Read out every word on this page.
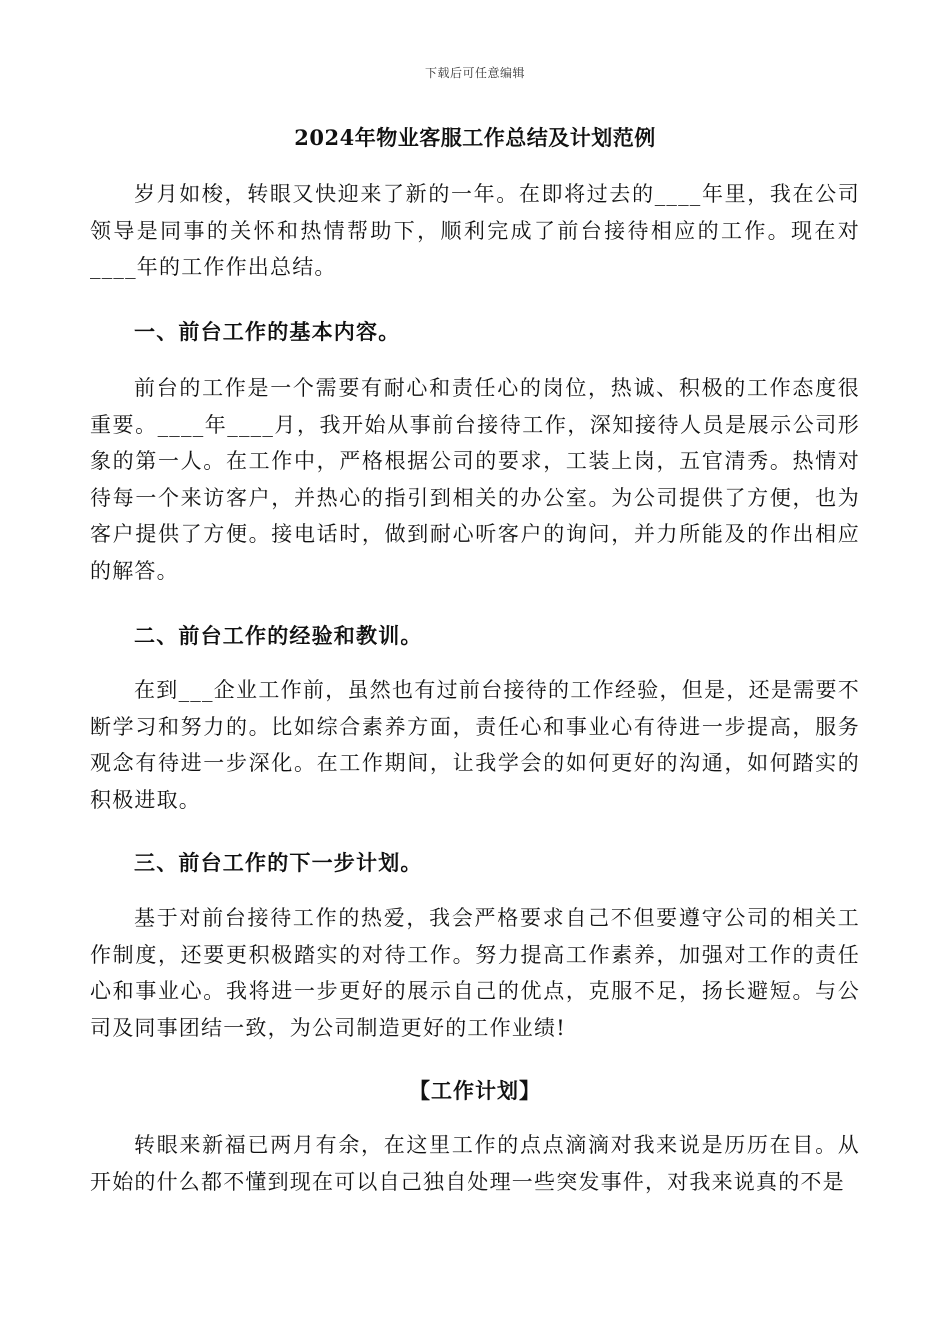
下载后可任意编辑
2024年物业客服工作总结及计划范例

岁月如梭，转眼又快迎来了新的一年。在即将过去的____年里，我在公司领导是同事的关怀和热情帮助下，顺利完成了前台接待相应的工作。现在对____年的工作作出总结。

一、前台工作的基本内容。

前台的工作是一个需要有耐心和责任心的岗位，热诚、积极的工作态度很重要。____年____月，我开始从事前台接待工作，深知接待人员是展示公司形象的第一人。在工作中，严格根据公司的要求，工装上岗，五官清秀。热情对待每一个来访客户，并热心的指引到相关的办公室。为公司提供了方便，也为客户提供了方便。接电话时，做到耐心听客户的询问，并力所能及的作出相应的解答。

二、前台工作的经验和教训。

在到___企业工作前，虽然也有过前台接待的工作经验，但是，还是需要不断学习和努力的。比如综合素养方面，责任心和事业心有待进一步提高，服务观念有待进一步深化。在工作期间，让我学会的如何更好的沟通，如何踏实的积极进取。

三、前台工作的下一步计划。

基于对前台接待工作的热爱，我会严格要求自己不但要遵守公司的相关工作制度，还要更积极踏实的对待工作。努力提高工作素养，加强对工作的责任心和事业心。我将进一步更好的展示自己的优点，克服不足，扬长避短。与公司及同事团结一致，为公司制造更好的工作业绩!

【工作计划】

转眼来新福已两月有余，在这里工作的点点滴滴对我来说是历历在目。从开始的什么都不懂到现在可以自己独自处理一些突发事件，对我来说真的不是
